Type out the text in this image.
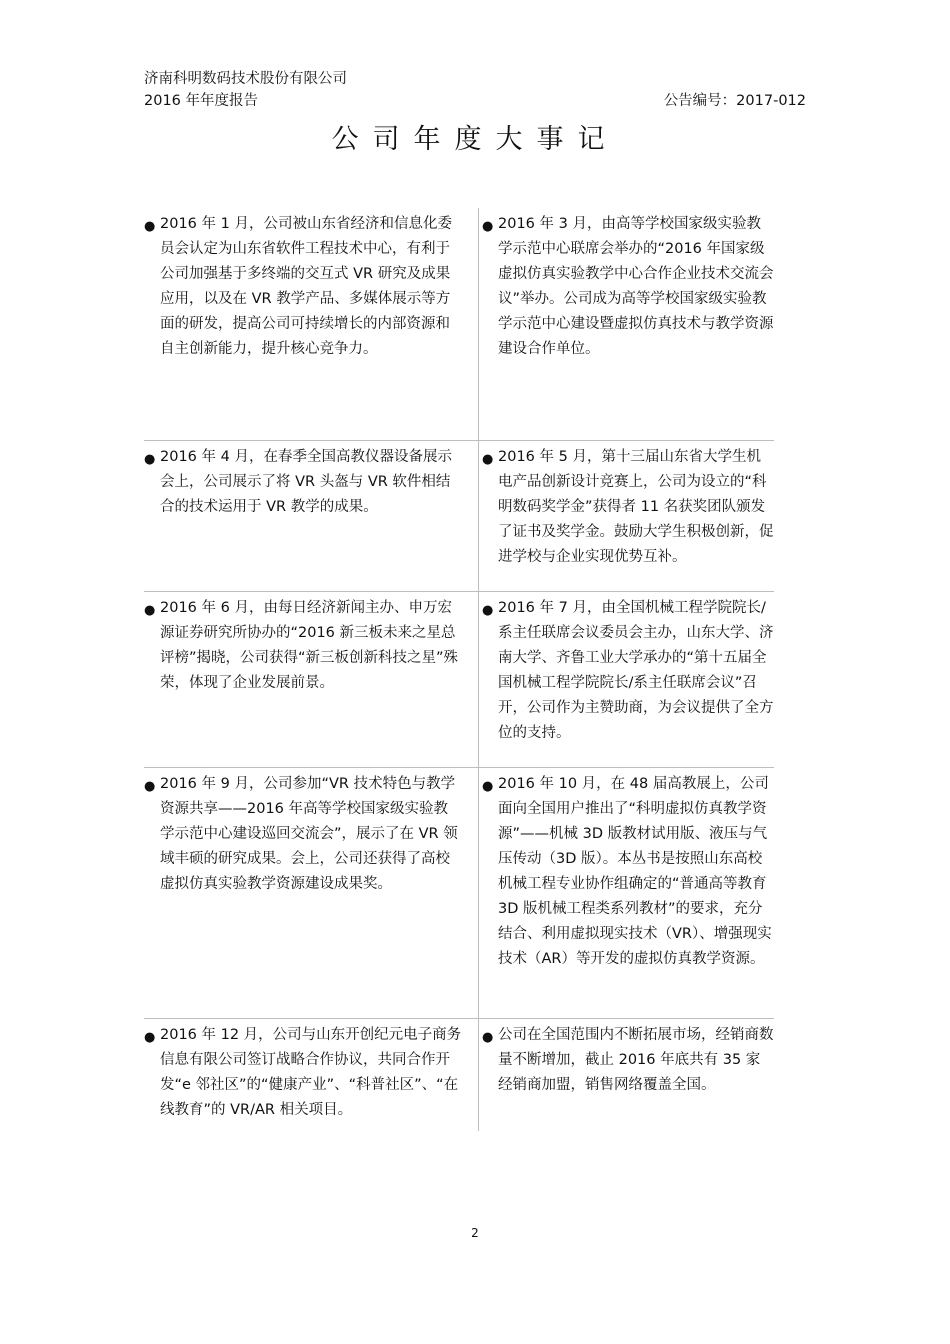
济南科明数码技术股份有限公司
2016 年年度报告	公告编号：2017-012
公司年度大事记
● 2016 年 1 月，公司被山东省经济和信息化委员会认定为山东省软件工程技术中心，有利于公司加强基于多终端的交互式 VR 研究及成果应用，以及在 VR 教学产品、多媒体展示等方面的研发，提高公司可持续增长的内部资源和自主创新能力，提升核心竞争力。
● 2016 年 3 月，由高等学校国家级实验教学示范中心联席会举办的“2016 年国家级虚拟仿真实验教学中心合作企业技术交流会议”举办。公司成为高等学校国家级实验教学示范中心建设暨虚拟仿真技术与教学资源建设合作单位。
● 2016 年 4 月，在春季全国高教仪器设备展示会上，公司展示了将 VR 头盔与 VR 软件相结合的技术运用于 VR 教学的成果。
● 2016 年 5 月，第十三届山东省大学生机电产品创新设计竞赛上，公司为设立的“科明数码奖学金”获得者 11 名获奖团队颁发了证书及奖学金。鼓励大学生积极创新，促进学校与企业实现优势互补。
● 2016 年 6 月，由每日经济新闻主办、申万宏源证券研究所协办的“2016 新三板未来之星总评榜”揭晓，公司获得“新三板创新科技之星”殊荣，体现了企业发展前景。
● 2016 年 7 月，由全国机械工程学院院长/系主任联席会议委员会主办，山东大学、济南大学、齐鲁工业大学承办的“第十五届全国机械工程学院院长/系主任联席会议”召开，公司作为主赞助商，为会议提供了全方位的支持。
● 2016 年 9 月，公司参加“VR 技术特色与教学资源共享——2016 年高等学校国家级实验教学示范中心建设巡回交流会”，展示了在 VR 领域丰硕的研究成果。会上，公司还获得了高校虚拟仿真实验教学资源建设成果奖。
● 2016 年 10 月，在 48 届高教展上，公司面向全国用户推出了“科明虚拟仿真教学资源”——机械 3D 版教材试用版、液压与气压传动（3D 版）。本丛书是按照山东高校机械工程专业协作组确定的“普通高等教育 3D 版机械工程类系列教材”的要求，充分结合、利用虚拟现实技术（VR）、增强现实技术（AR）等开发的虚拟仿真教学资源。
● 2016 年 12 月，公司与山东开创纪元电子商务信息有限公司签订战略合作协议，共同合作开发“e 邻社区”的“健康产业”、“科普社区”、“在线教育”的 VR/AR 相关项目。
● 公司在全国范围内不断拓展市场，经销商数量不断增加，截止 2016 年底共有 35 家经销商加盟，销售网络覆盖全国。
2
